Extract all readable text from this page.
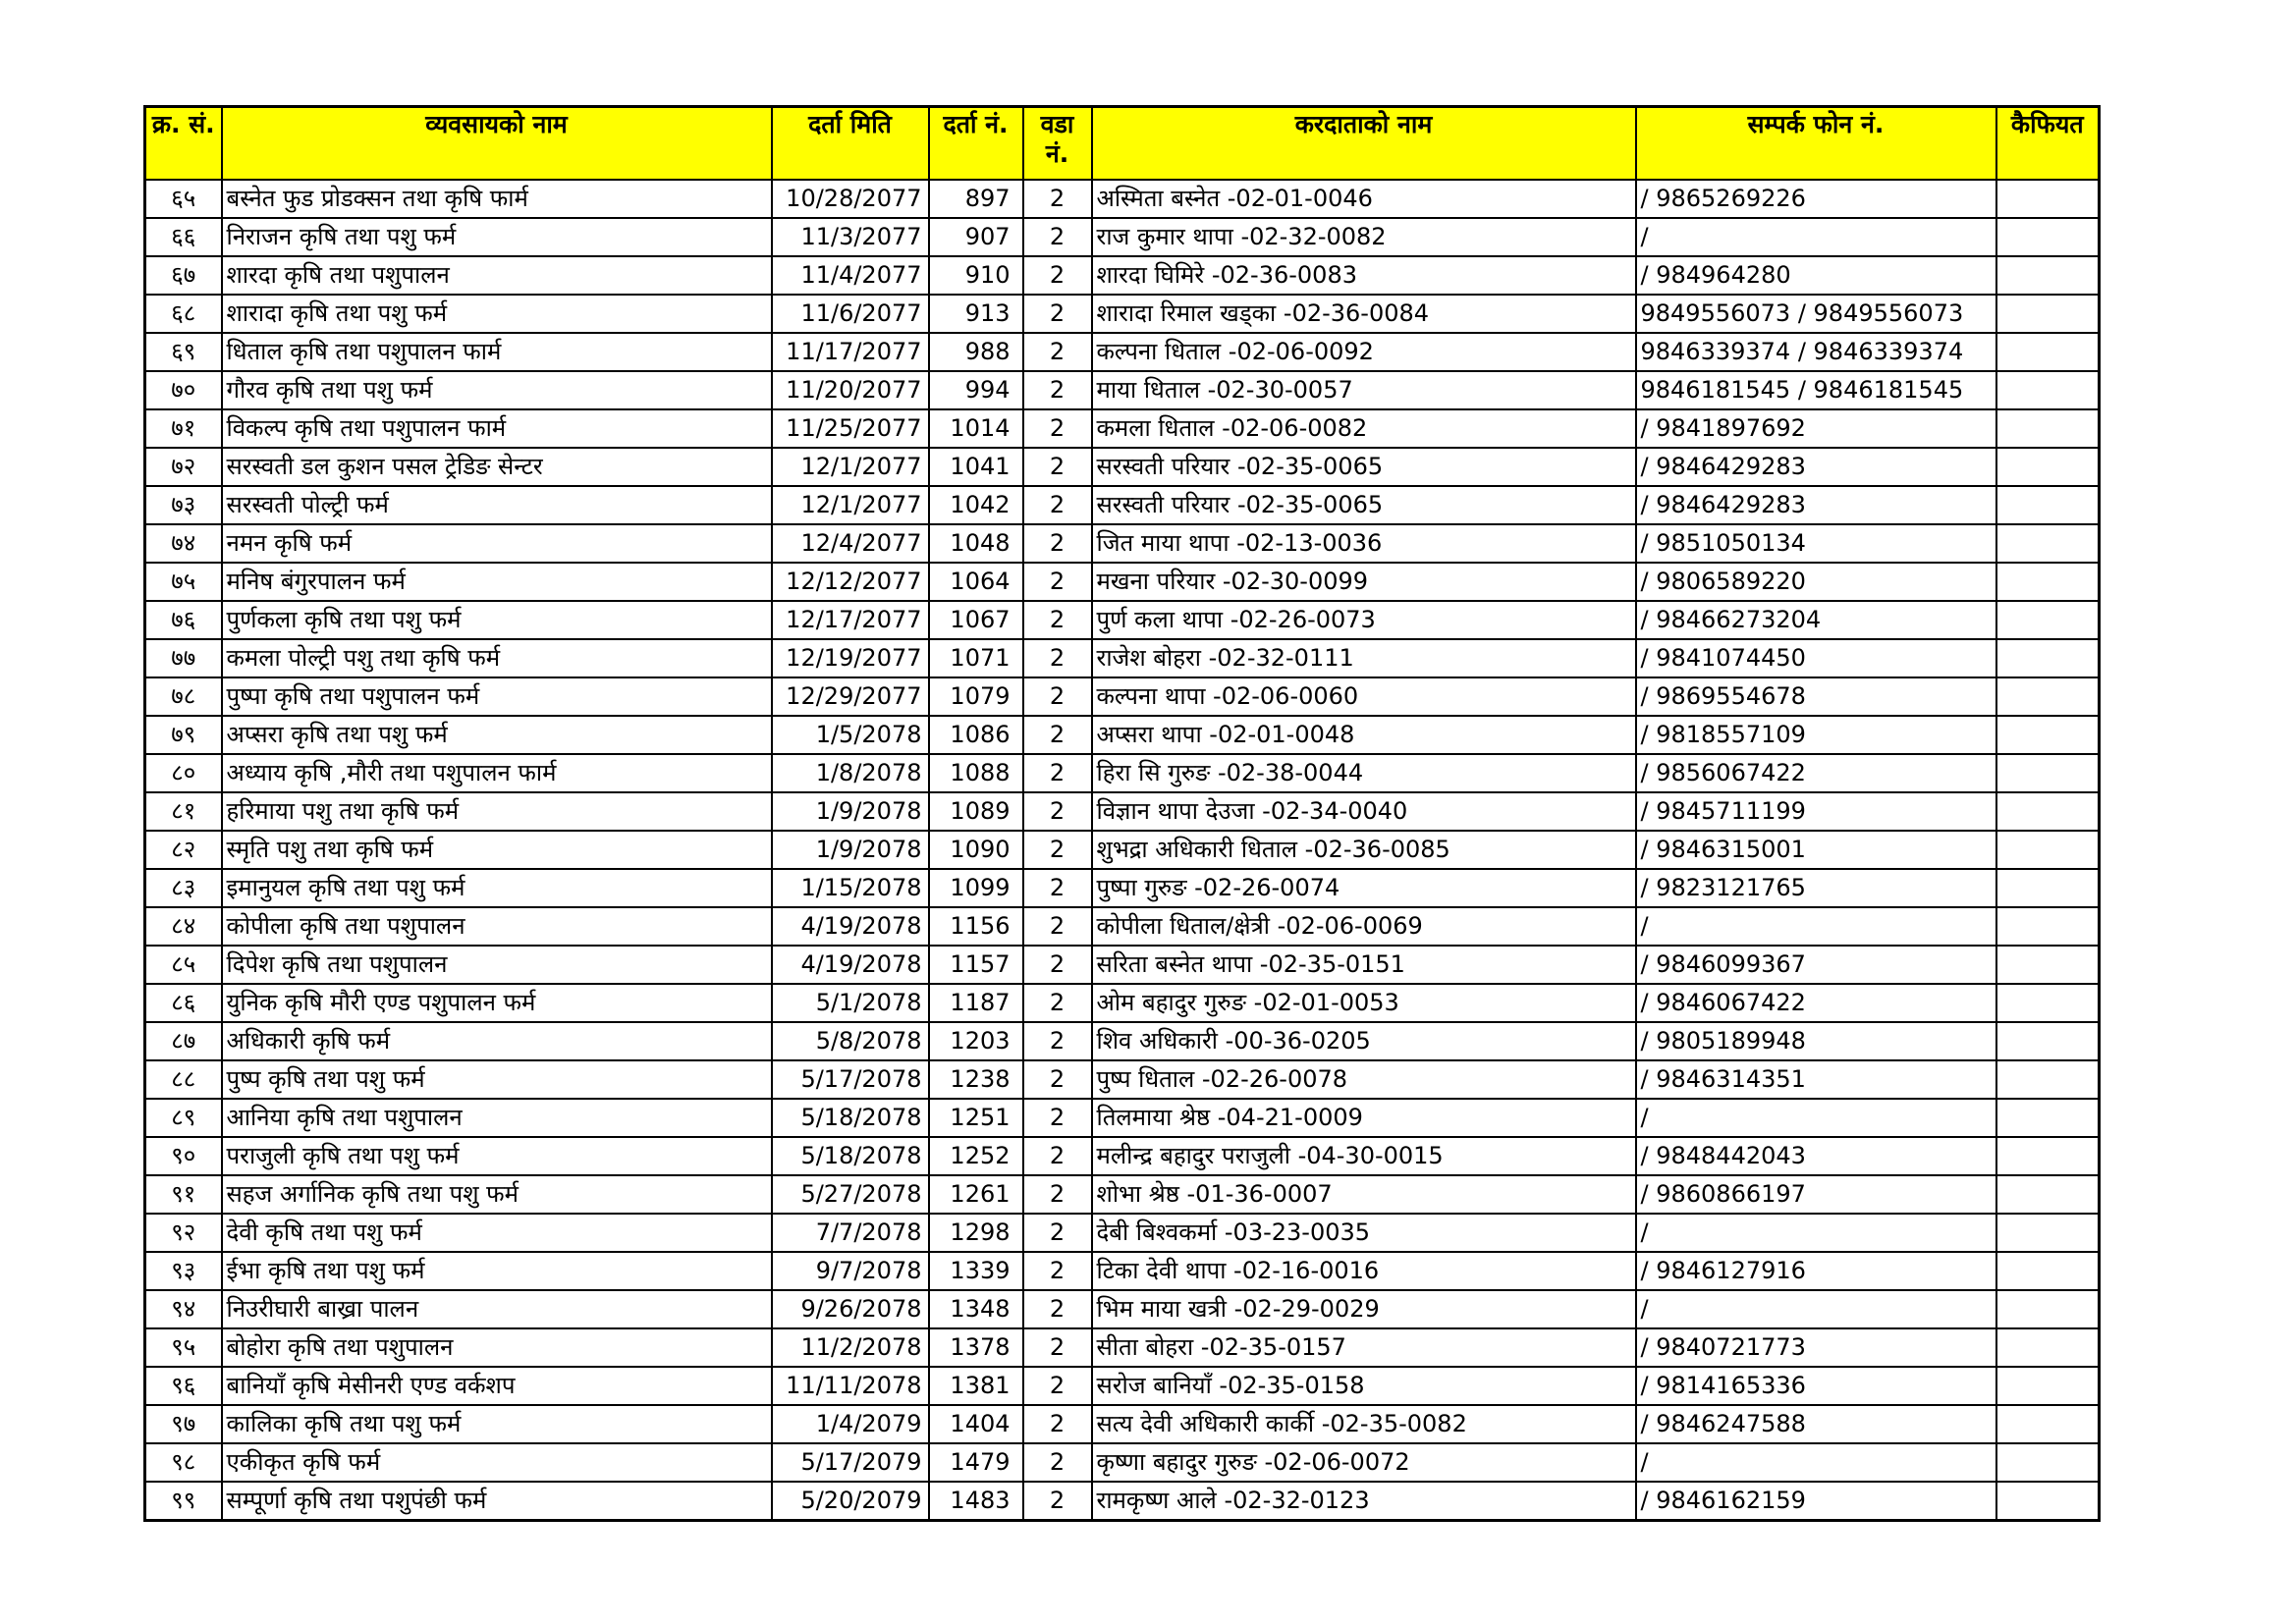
क्र. सं.	व्यवसायको नाम	दर्ता मिति	दर्ता नं.	वडा नं.	करदाताको नाम	सम्पर्क फोन नं.	कैफियत
६५	बस्नेत फुड प्रोडक्सन तथा कृषि फार्म	10/28/2077	897	2	अस्मिता बस्नेत -02-01-0046	/ 9865269226	
६६	निराजन कृषि तथा पशु फर्म	11/3/2077	907	2	राज कुमार थापा -02-32-0082	/	
६७	शारदा कृषि तथा पशुपालन	11/4/2077	910	2	शारदा घिमिरे -02-36-0083	/ 984964280	
६८	शारादा कृषि तथा पशु फर्म	11/6/2077	913	2	शारादा रिमाल खड्का -02-36-0084	9849556073 / 9849556073	
६९	धिताल कृषि तथा पशुपालन फार्म	11/17/2077	988	2	कल्पना धिताल -02-06-0092	9846339374 / 9846339374	
७०	गौरव कृषि तथा पशु फर्म	11/20/2077	994	2	माया धिताल -02-30-0057	9846181545 / 9846181545	
७१	विकल्प कृषि तथा पशुपालन फार्म	11/25/2077	1014	2	कमला धिताल -02-06-0082	/ 9841897692	
७२	सरस्वती डल कुशन पसल ट्रेडिङ सेन्टर	12/1/2077	1041	2	सरस्वती परियार -02-35-0065	/ 9846429283	
७३	सरस्वती पोल्ट्री फर्म	12/1/2077	1042	2	सरस्वती परियार -02-35-0065	/ 9846429283	
७४	नमन कृषि फर्म	12/4/2077	1048	2	जित माया थापा -02-13-0036	/ 9851050134	
७५	मनिष बंगुरपालन फर्म	12/12/2077	1064	2	मखना परियार -02-30-0099	/ 9806589220	
७६	पुर्णकला कृषि तथा पशु फर्म	12/17/2077	1067	2	पुर्ण कला थापा -02-26-0073	/ 98466273204	
७७	कमला पोल्ट्री पशु तथा कृषि फर्म	12/19/2077	1071	2	राजेश बोहरा -02-32-0111	/ 9841074450	
७८	पुष्पा कृषि तथा पशुपालन फर्म	12/29/2077	1079	2	कल्पना थापा -02-06-0060	/ 9869554678	
७९	अप्सरा कृषि तथा पशु फर्म	1/5/2078	1086	2	अप्सरा थापा -02-01-0048	/ 9818557109	
८०	अध्याय कृषि ,मौरी तथा पशुपालन फार्म	1/8/2078	1088	2	हिरा सि गुरुङ -02-38-0044	/ 9856067422	
८१	हरिमाया पशु तथा कृषि फर्म	1/9/2078	1089	2	विज्ञान थापा देउजा -02-34-0040	/ 9845711199	
८२	स्मृति पशु तथा कृषि फर्म	1/9/2078	1090	2	शुभद्रा अधिकारी धिताल -02-36-0085	/ 9846315001	
८३	इमानुयल कृषि तथा पशु फर्म	1/15/2078	1099	2	पुष्पा गुरुङ -02-26-0074	/ 9823121765	
८४	कोपीला कृषि तथा पशुपालन	4/19/2078	1156	2	कोपीला धिताल/क्षेत्री -02-06-0069	/	
८५	दिपेश कृषि तथा पशुपालन	4/19/2078	1157	2	सरिता बस्नेत थापा -02-35-0151	/ 9846099367	
८६	युनिक कृषि मौरी एण्ड पशुपालन फर्म	5/1/2078	1187	2	ओम बहादुर गुरुङ -02-01-0053	/ 9846067422	
८७	अधिकारी कृषि फर्म	5/8/2078	1203	2	शिव अधिकारी -00-36-0205	/ 9805189948	
८८	पुष्प कृषि तथा पशु फर्म	5/17/2078	1238	2	पुष्प धिताल -02-26-0078	/ 9846314351	
८९	आनिया कृषि तथा पशुपालन	5/18/2078	1251	2	तिलमाया श्रेष्ठ -04-21-0009	/	
९०	पराजुली कृषि तथा पशु फर्म	5/18/2078	1252	2	मलीन्द्र बहादुर पराजुली -04-30-0015	/ 9848442043	
९१	सहज अर्गानिक कृषि तथा पशु फर्म	5/27/2078	1261	2	शोभा श्रेष्ठ -01-36-0007	/ 9860866197	
९२	देवी कृषि तथा पशु फर्म	7/7/2078	1298	2	देबी बिश्वकर्मा -03-23-0035	/	
९३	ईभा कृषि तथा पशु फर्म	9/7/2078	1339	2	टिका देवी थापा -02-16-0016	/ 9846127916	
९४	निउरीघारी बाख्रा पालन	9/26/2078	1348	2	भिम माया खत्री -02-29-0029	/	
९५	बोहोरा कृषि तथा पशुपालन	11/2/2078	1378	2	सीता बोहरा -02-35-0157	/ 9840721773	
९६	बानियाँ कृषि मेसीनरी एण्ड वर्कशप	11/11/2078	1381	2	सरोज बानियाँ -02-35-0158	/ 9814165336	
९७	कालिका कृषि तथा पशु फर्म	1/4/2079	1404	2	सत्य देवी अधिकारी कार्की -02-35-0082	/ 9846247588	
९८	एकीकृत कृषि फर्म	5/17/2079	1479	2	कृष्णा बहादुर गुरुङ -02-06-0072	/	
९९	सम्पूर्णा कृषि तथा पशुपंछी फर्म	5/20/2079	1483	2	रामकृष्ण आले -02-32-0123	/ 9846162159	
